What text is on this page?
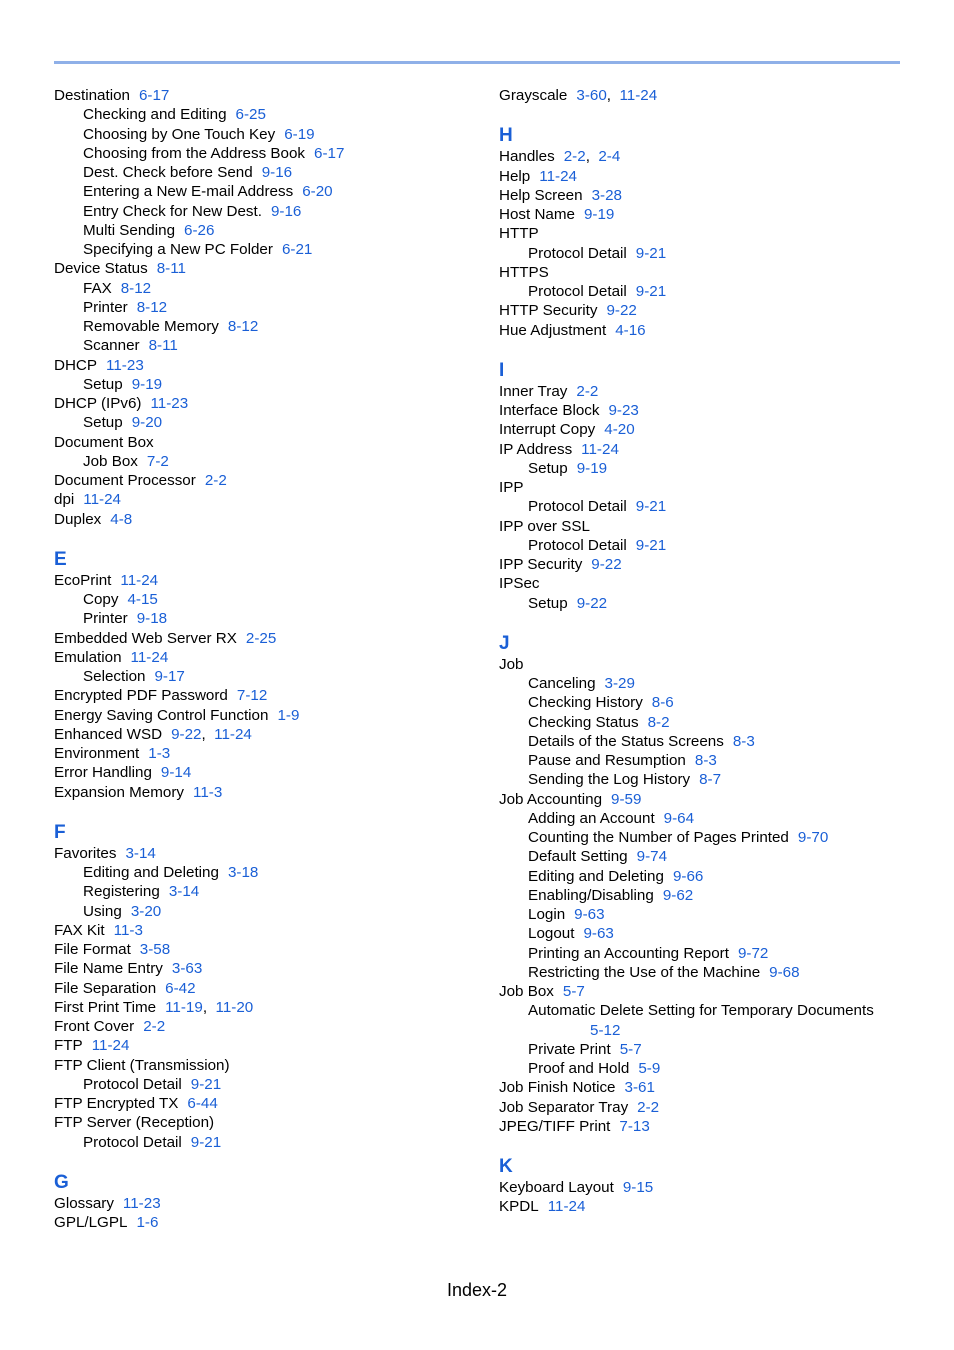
Destination 6-17
Checking and Editing 6-25
Choosing by One Touch Key 6-19
Choosing from the Address Book 6-17
Dest. Check before Send 9-16
Entering a New E-mail Address 6-20
Entry Check for New Dest. 9-16
Multi Sending 6-26
Specifying a New PC Folder 6-21
Device Status 8-11
FAX 8-12
Printer 8-12
Removable Memory 8-12
Scanner 8-11
DHCP 11-23
Setup 9-19
DHCP (IPv6) 11-23
Setup 9-20
Document Box
Job Box 7-2
Document Processor 2-2
dpi 11-24
Duplex 4-8
E
EcoPrint 11-24
Copy 4-15
Printer 9-18
Embedded Web Server RX 2-25
Emulation 11-24
Selection 9-17
Encrypted PDF Password 7-12
Energy Saving Control Function 1-9
Enhanced WSD 9-22,  11-24
Environment 1-3
Error Handling 9-14
Expansion Memory 11-3
F
Favorites 3-14
Editing and Deleting 3-18
Registering 3-14
Using 3-20
FAX Kit 11-3
File Format 3-58
File Name Entry 3-63
File Separation 6-42
First Print Time 11-19,  11-20
Front Cover 2-2
FTP 11-24
FTP Client (Transmission)
Protocol Detail 9-21
FTP Encrypted TX 6-44
FTP Server (Reception)
Protocol Detail 9-21
G
Glossary 11-23
GPL/LGPL 1-6
Grayscale 3-60,  11-24
H
Handles 2-2,  2-4
Help 11-24
Help Screen 3-28
Host Name 9-19
HTTP
Protocol Detail 9-21
HTTPS
Protocol Detail 9-21
HTTP Security 9-22
Hue Adjustment 4-16
I
Inner Tray 2-2
Interface Block 9-23
Interrupt Copy 4-20
IP Address 11-24
Setup 9-19
IPP
Protocol Detail 9-21
IPP over SSL
Protocol Detail 9-21
IPP Security 9-22
IPSec
Setup 9-22
J
Job
Canceling 3-29
Checking History 8-6
Checking Status 8-2
Details of the Status Screens 8-3
Pause and Resumption 8-3
Sending the Log History 8-7
Job Accounting 9-59
Adding an Account 9-64
Counting the Number of Pages Printed 9-70
Default Setting 9-74
Editing and Deleting 9-66
Enabling/Disabling 9-62
Login 9-63
Logout 9-63
Printing an Accounting Report 9-72
Restricting the Use of the Machine 9-68
Job Box 5-7
Automatic Delete Setting for Temporary Documents
5-12
Private Print 5-7
Proof and Hold 5-9
Job Finish Notice 3-61
Job Separator Tray 2-2
JPEG/TIFF Print 7-13
K
Keyboard Layout 9-15
KPDL 11-24
Index-2
